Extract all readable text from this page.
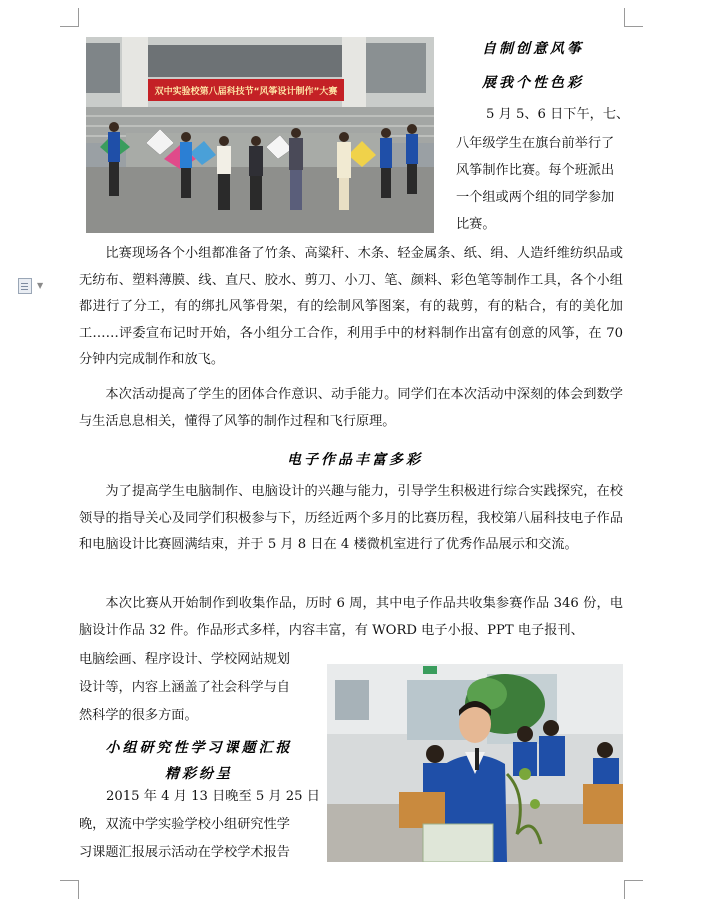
▼
双中实验校第八届科技节“风筝设计制作”大赛
自制创意风筝
展我个性色彩
5 月 5、6 日下午，七、
八年级学生在旗台前举行了
风筝制作比赛。每个班派出
一个组或两个组的同学参加
比赛。

比赛现场各个小组都准备了竹条、高粱秆、木条、轻金属条、纸、绢、人造纤维纺织品或无纺布、塑料薄膜、线、直尺、胶水、剪刀、小刀、笔、颜料、彩色笔等制作工具，各个小组都进行了分工，有的绑扎风筝骨架，有的绘制风筝图案，有的裁剪，有的粘合，有的美化加工……评委宣布记时开始，各小组分工合作，利用手中的材料制作出富有创意的风筝，在 70 分钟内完成制作和放飞。

本次活动提高了学生的团体合作意识、动手能力。同学们在本次活动中深刻的体会到数学与生活息息相关，懂得了风筝的制作过程和飞行原理。

电子作品丰富多彩

为了提高学生电脑制作、电脑设计的兴趣与能力，引导学生积极进行综合实践探究，在校领导的指导关心及同学们积极参与下，历经近两个多月的比赛历程，我校第八届科技电子作品和电脑设计比赛圆满结束，并于 5 月 8 日在 4 楼微机室进行了优秀作品展示和交流。

本次比赛从开始制作到收集作品，历时 6 周，其中电子作品共收集参赛作品 346 份，电脑设计作品 32 件。作品形式多样，内容丰富，有 WORD 电子小报、PPT 电子报刊、

电脑绘画、程序设计、学校网站规划
设计等，内容上涵盖了社会科学与自
然科学的很多方面。
小组研究性学习课题汇报
精彩纷呈
2015 年 4 月 13 日晚至 5 月 25 日
晚，双流中学实验学校小组研究性学
习课题汇报展示活动在学校学术报告
